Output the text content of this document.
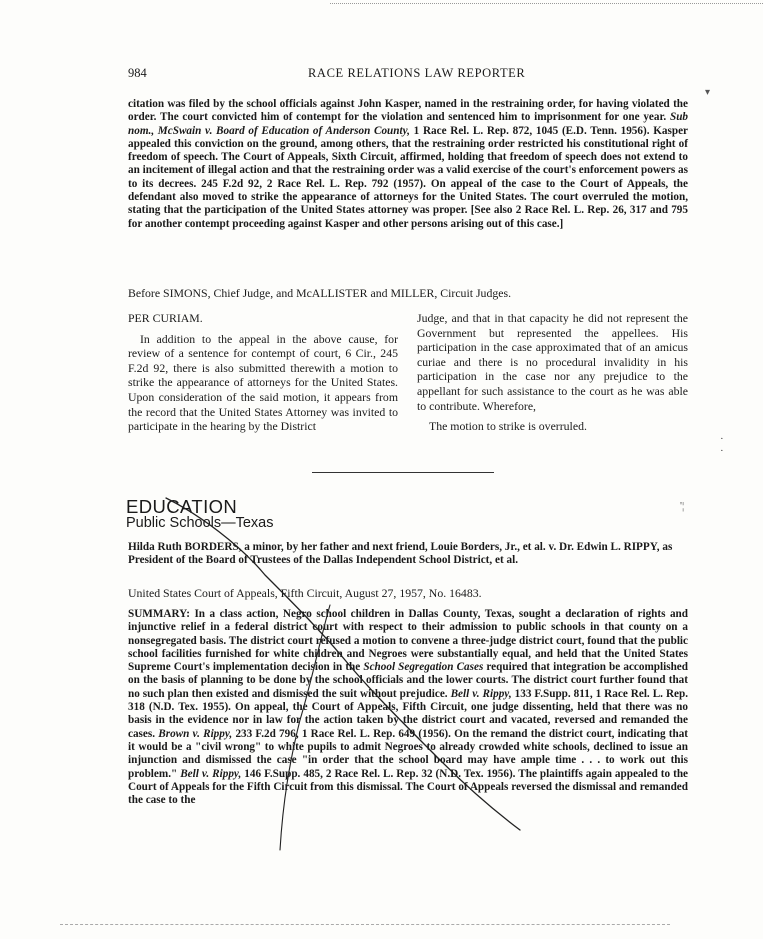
984	RACE RELATIONS LAW REPORTER
▾
citation was filed by the school officials against John Kasper, named in the restraining order, for having violated the order. The court convicted him of contempt for the violation and sentenced him to imprisonment for one year. Sub nom., McSwain v. Board of Education of Anderson County, 1 Race Rel. L. Rep. 872, 1045 (E.D. Tenn. 1956). Kasper appealed this conviction on the ground, among others, that the restraining order restricted his constitutional right of freedom of speech. The Court of Appeals, Sixth Circuit, affirmed, holding that freedom of speech does not extend to an incitement of illegal action and that the restraining order was a valid exercise of the court's enforcement powers as to its decrees. 245 F.2d 92, 2 Race Rel. L. Rep. 792 (1957). On appeal of the case to the Court of Appeals, the defendant also moved to strike the appearance of attorneys for the United States. The court overruled the motion, stating that the participation of the United States attorney was proper. [See also 2 Race Rel. L. Rep. 26, 317 and 795 for another contempt proceeding against Kasper and other persons arising out of this case.]
Before SIMONS, Chief Judge, and McALLISTER and MILLER, Circuit Judges.

PER CURIAM.

In addition to the appeal in the above cause, for review of a sentence for contempt of court, 6 Cir., 245 F.2d 92, there is also submitted therewith a motion to strike the appearance of attorneys for the United States. Upon consideration of the said motion, it appears from the record that the United States Attorney was invited to participate in the hearing by the District

Judge, and that in that capacity he did not represent the Government but represented the appellees. His participation in the case approximated that of an amicus curiae and there is no procedural invalidity in his participation in the case nor any prejudice to the appellant for such assistance to the court as he was able to contribute. Wherefore,

The motion to strike is overruled.

·
·
EDUCATION
Public Schools—Texas
'¦
Hilda Ruth BORDERS, a minor, by her father and next friend, Louie Borders, Jr., et al. v. Dr. Edwin L. RIPPY, as President of the Board of Trustees of the Dallas Independent School District, et al.
United States Court of Appeals, Fifth Circuit, August 27, 1957, No. 16483.
SUMMARY: In a class action, Negro school children in Dallas County, Texas, sought a declaration of rights and injunctive relief in a federal district court with respect to their admission to public schools in that county on a nonsegregated basis. The district court refused a motion to convene a three-judge district court, found that the public school facilities furnished for white children and Negroes were substantially equal, and held that the United States Supreme Court's implementation decision in the School Segregation Cases required that integration be accomplished on the basis of planning to be done by the school officials and the lower courts. The district court further found that no such plan then existed and dismissed the suit without prejudice. Bell v. Rippy, 133 F.Supp. 811, 1 Race Rel. L. Rep. 318 (N.D. Tex. 1955). On appeal, the Court of Appeals, Fifth Circuit, one judge dissenting, held that there was no basis in the evidence nor in law for the action taken by the district court and vacated, reversed and remanded the cases. Brown v. Rippy, 233 F.2d 796, 1 Race Rel. L. Rep. 649 (1956). On the remand the district court, indicating that it would be a "civil wrong" to white pupils to admit Negroes to already crowded white schools, declined to issue an injunction and dismissed the case "in order that the school board may have ample time . . . to work out this problem." Bell v. Rippy, 146 F.Supp. 485, 2 Race Rel. L. Rep. 32 (N.D. Tex. 1956). The plaintiffs again appealed to the Court of Appeals for the Fifth Circuit from this dismissal. The Court of Appeals reversed the dismissal and remanded the case to the
